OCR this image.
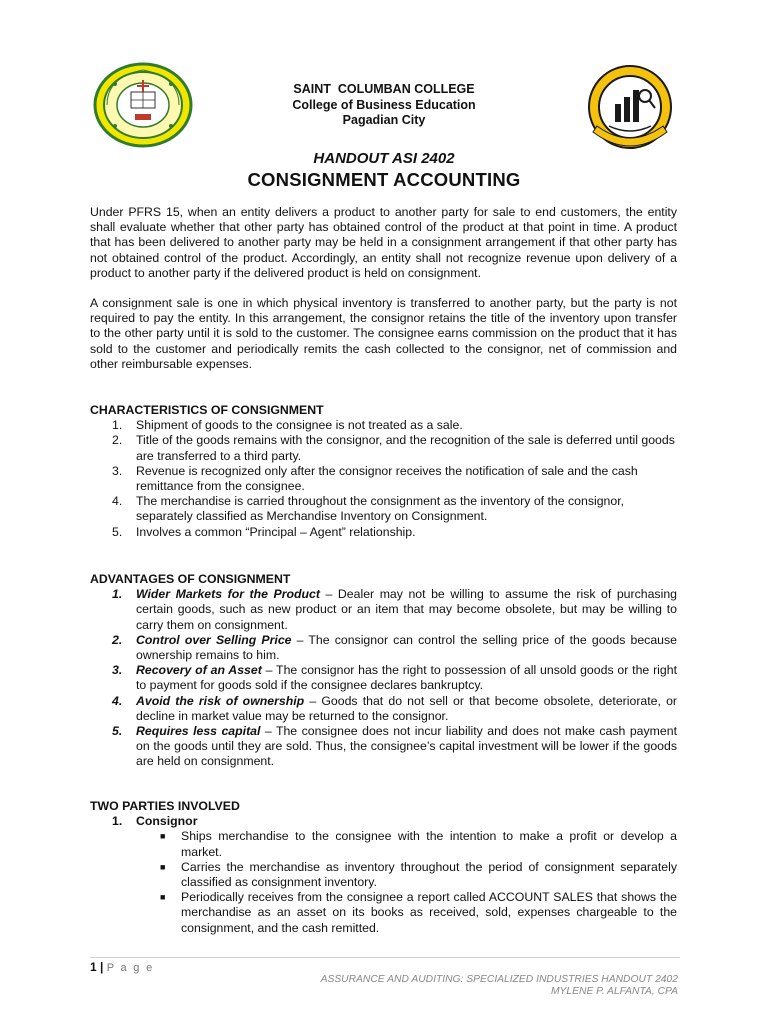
SAINT  COLUMBAN COLLEGE
College of Business Education
Pagadian City
HANDOUT ASI 2402
CONSIGNMENT ACCOUNTING

Under PFRS 15, when an entity delivers a product to another party for sale to end customers, the entity shall evaluate whether that other party has obtained control of the product at that point in time. A product that has been delivered to another party may be held in a consignment arrangement if that other party has not obtained control of the product. Accordingly, an entity shall not recognize revenue upon delivery of a product to another party if the delivered product is held on consignment.

A consignment sale is one in which physical inventory is transferred to another party, but the party is not required to pay the entity. In this arrangement, the consignor retains the title of the inventory upon transfer to the other party until it is sold to the customer. The consignee earns commission on the product that it has sold to the customer and periodically remits the cash collected to the consignor, net of commission and other reimbursable expenses.

CHARACTERISTICS OF CONSIGNMENT

1. Shipment of goods to the consignee is not treated as a sale.
2. Title of the goods remains with the consignor, and the recognition of the sale is deferred until goods are transferred to a third party.
3. Revenue is recognized only after the consignor receives the notification of sale and the cash remittance from the consignee.
4. The merchandise is carried throughout the consignment as the inventory of the consignor, separately classified as Merchandise Inventory on Consignment.
5. Involves a common “Principal – Agent” relationship.

ADVANTAGES OF CONSIGNMENT

1. Wider Markets for the Product – Dealer may not be willing to assume the risk of purchasing certain goods, such as new product or an item that may become obsolete, but may be willing to carry them on consignment.
2. Control over Selling Price – The consignor can control the selling price of the goods because ownership remains to him.
3. Recovery of an Asset – The consignor has the right to possession of all unsold goods or the right to payment for goods sold if the consignee declares bankruptcy.
4. Avoid the risk of ownership – Goods that do not sell or that become obsolete, deteriorate, or decline in market value may be returned to the consignor.
5. Requires less capital – The consignee does not incur liability and does not make cash payment on the goods until they are sold. Thus, the consignee’s capital investment will be lower if the goods are held on consignment.

TWO PARTIES INVOLVED

1. Consignor
■ Ships merchandise to the consignee with the intention to make a profit or develop a market.
■ Carries the merchandise as inventory throughout the period of consignment separately classified as consignment inventory.
■ Periodically receives from the consignee a report called ACCOUNT SALES that shows the merchandise as an asset on its books as received, sold, expenses chargeable to the consignment, and the cash remitted.
1 | P a g e
ASSURANCE AND AUDITING: SPECIALIZED INDUSTRIES HANDOUT 2402
MYLENE P. ALFANTA, CPA
